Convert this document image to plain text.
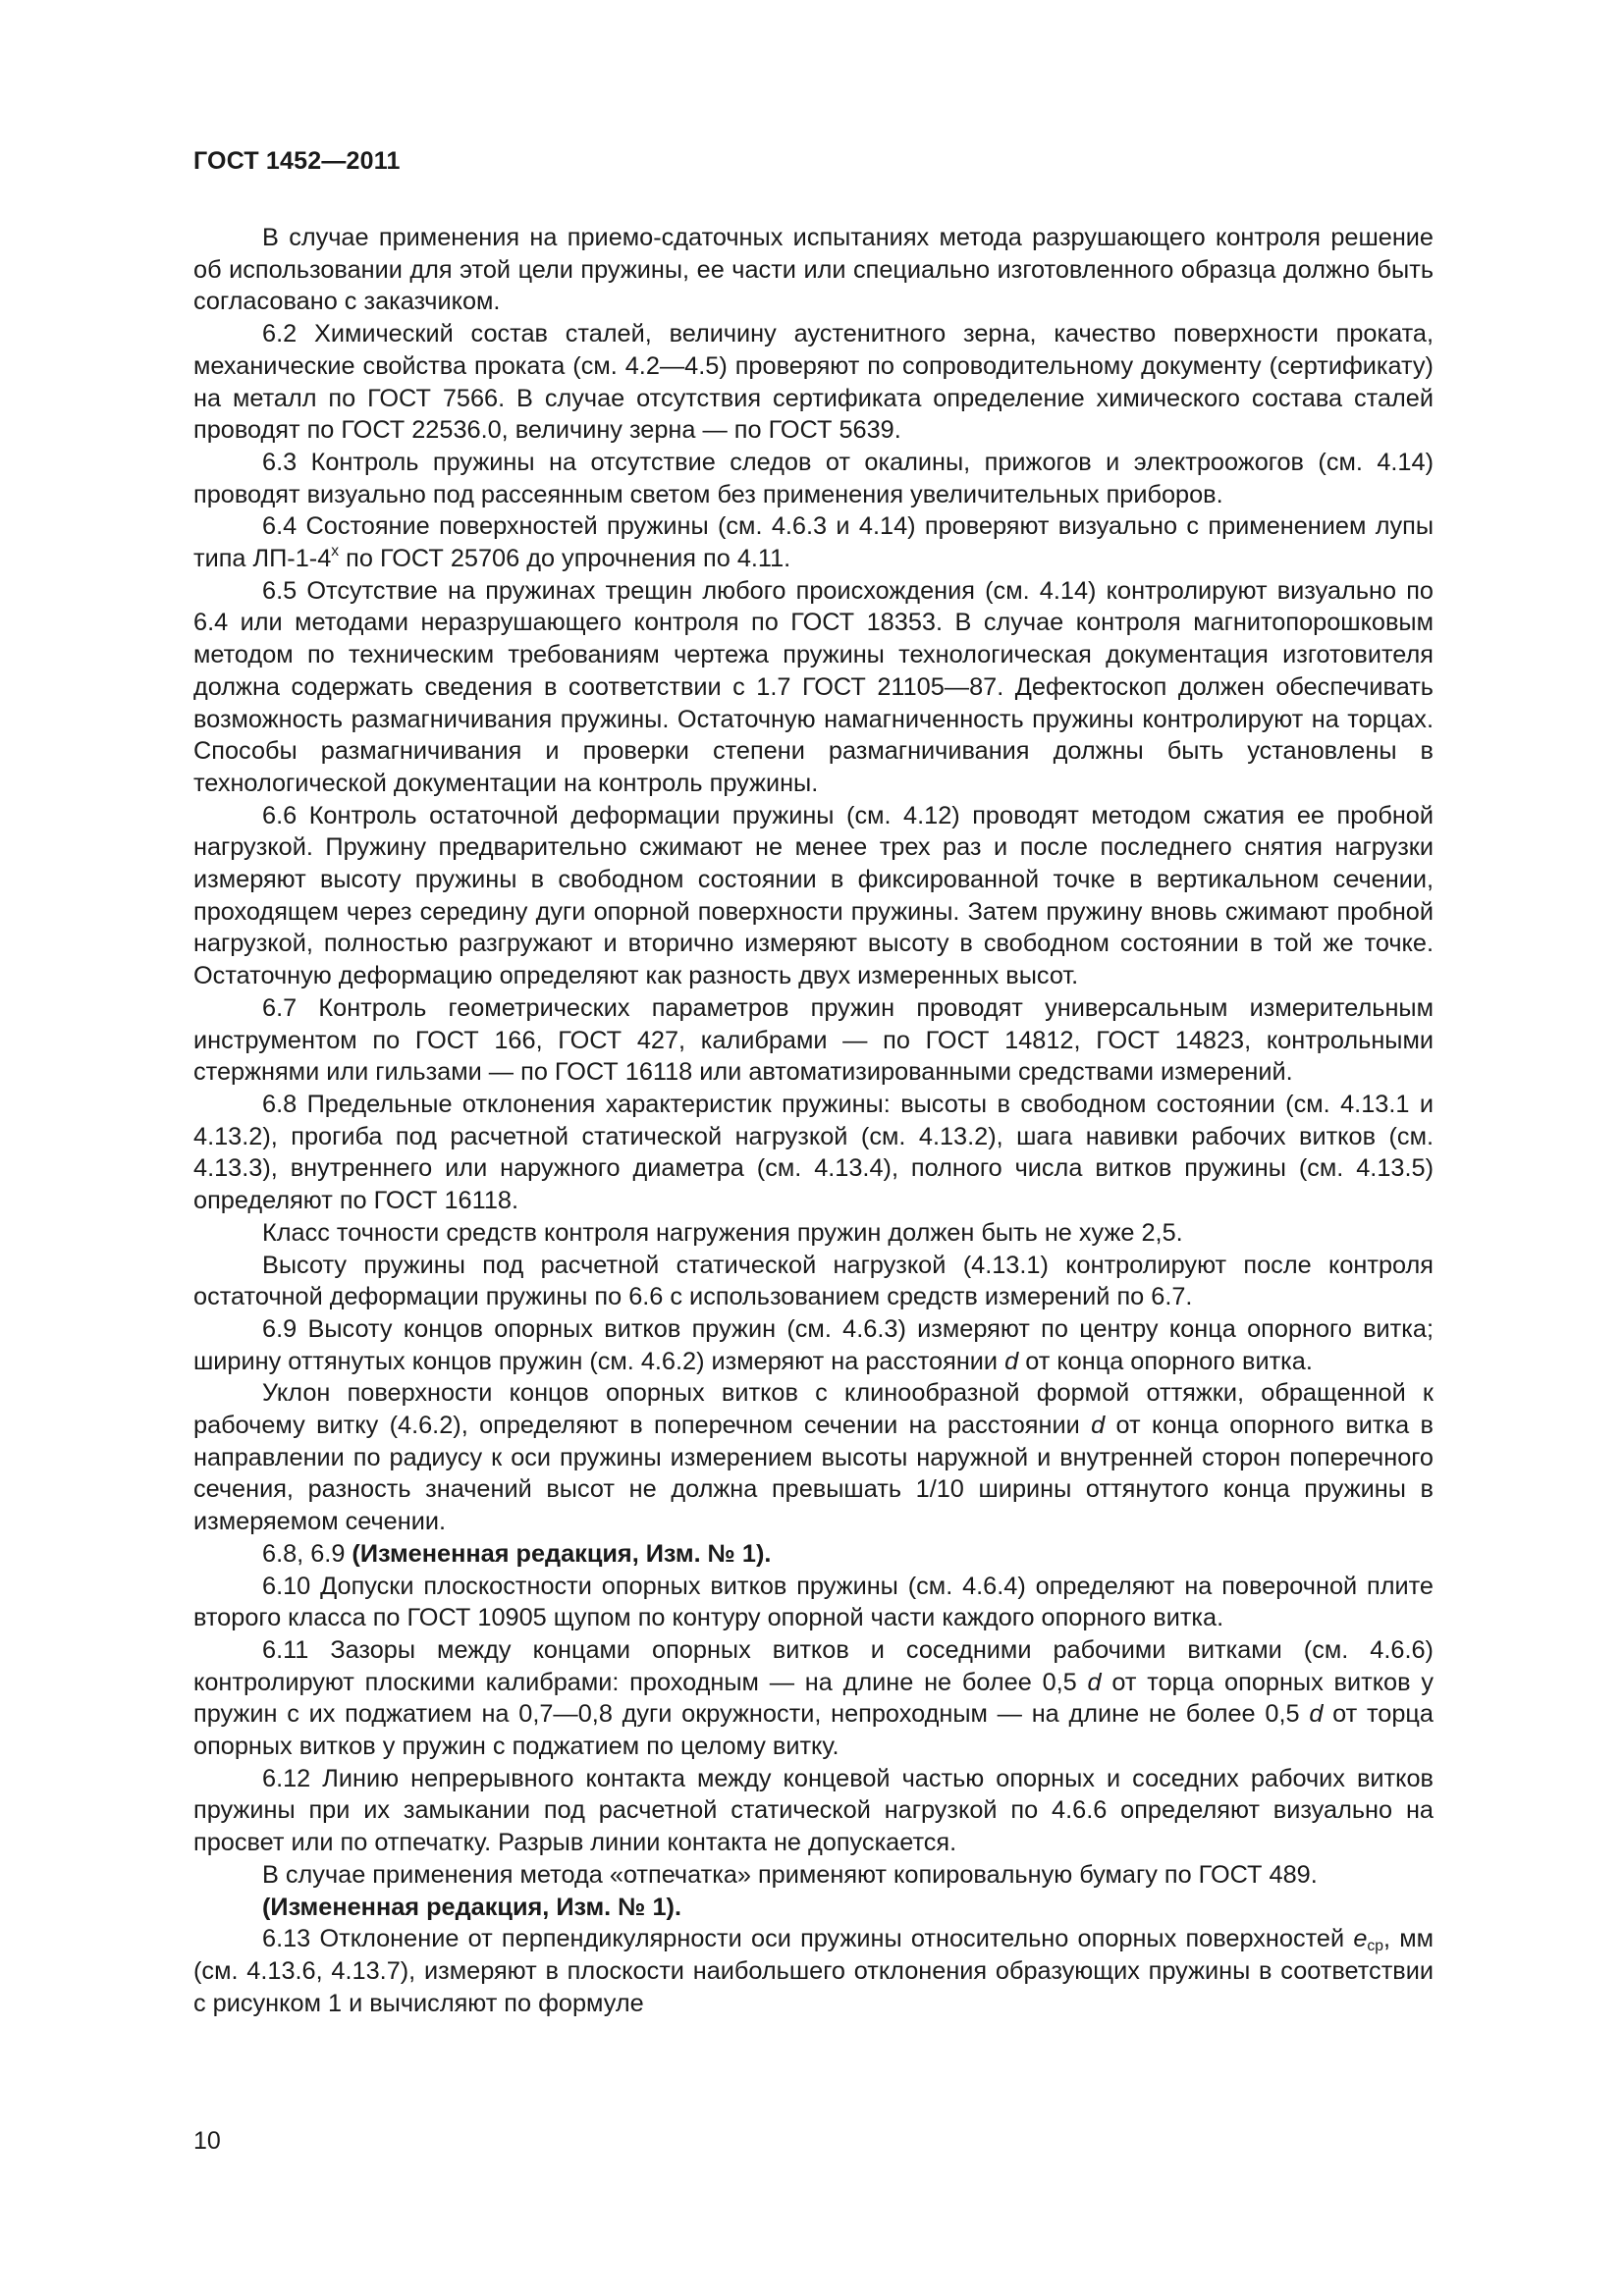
ГОСТ 1452—2011

В случае применения на приемо-сдаточных испытаниях метода разрушающего контроля решение об использовании для этой цели пружины, ее части или специально изготовленного образца должно быть согласовано с заказчиком.

6.2 Химический состав сталей, величину аустенитного зерна, качество поверхности проката, механические свойства проката (см. 4.2—4.5) проверяют по сопроводительному документу (сертификату) на металл по ГОСТ 7566. В случае отсутствия сертификата определение химического состава сталей проводят по ГОСТ 22536.0, величину зерна — по ГОСТ 5639.

6.3 Контроль пружины на отсутствие следов от окалины, прижогов и электроожогов (см. 4.14) проводят визуально под рассеянным светом без применения увеличительных приборов.

6.4 Состояние поверхностей пружины (см. 4.6.3 и 4.14) проверяют визуально с применением лупы типа $ЛП-1-4^х$ по ГОСТ 25706 до упрочнения по 4.11.

6.5 Отсутствие на пружинах трещин любого происхождения (см. 4.14) контролируют визуально по 6.4 или методами неразрушающего контроля по ГОСТ 18353. В случае контроля магнитопорошковым методом по техническим требованиям чертежа пружины технологическая документация изготовителя должна содержать сведения в соответствии с 1.7 ГОСТ 21105—87. Дефектоскоп должен обеспечивать возможность размагничивания пружины. Остаточную намагниченность пружины контролируют на торцах. Способы размагничивания и проверки степени размагничивания должны быть установлены в технологической документации на контроль пружины.

6.6 Контроль остаточной деформации пружины (см. 4.12) проводят методом сжатия ее пробной нагрузкой. Пружину предварительно сжимают не менее трех раз и после последнего снятия нагрузки измеряют высоту пружины в свободном состоянии в фиксированной точке в вертикальном сечении, проходящем через середину дуги опорной поверхности пружины. Затем пружину вновь сжимают пробной нагрузкой, полностью разгружают и вторично измеряют высоту в свободном состоянии в той же точке. Остаточную деформацию определяют как разность двух измеренных высот.

6.7 Контроль геометрических параметров пружин проводят универсальным измерительным инструментом по ГОСТ 166, ГОСТ 427, калибрами — по ГОСТ 14812, ГОСТ 14823, контрольными стержнями или гильзами — по ГОСТ 16118 или автоматизированными средствами измерений.

6.8 Предельные отклонения характеристик пружины: высоты в свободном состоянии (см. 4.13.1 и 4.13.2), прогиба под расчетной статической нагрузкой (см. 4.13.2), шага навивки рабочих витков (см. 4.13.3), внутреннего или наружного диаметра (см. 4.13.4), полного числа витков пружины (см. 4.13.5) определяют по ГОСТ 16118.

Класс точности средств контроля нагружения пружин должен быть не хуже 2,5.

Высоту пружины под расчетной статической нагрузкой (4.13.1) контролируют после контроля остаточной деформации пружины по 6.6 с использованием средств измерений по 6.7.

6.9 Высоту концов опорных витков пружин (см. 4.6.3) измеряют по центру конца опорного витка; ширину оттянутых концов пружин (см. 4.6.2) измеряют на расстоянии d от конца опорного витка.

Уклон поверхности концов опорных витков с клинообразной формой оттяжки, обращенной к рабочему витку (4.6.2), определяют в поперечном сечении на расстоянии d от конца опорного витка в направлении по радиусу к оси пружины измерением высоты наружной и внутренней сторон поперечного сечения, разность значений высот не должна превышать 1/10 ширины оттянутого конца пружины в измеряемом сечении.

6.8, 6.9 (Измененная редакция, Изм. № 1).

6.10 Допуски плоскостности опорных витков пружины (см. 4.6.4) определяют на поверочной плите второго класса по ГОСТ 10905 щупом по контуру опорной части каждого опорного витка.

6.11 Зазоры между концами опорных витков и соседними рабочими витками (см. 4.6.6) контролируют плоскими калибрами: проходным — на длине не более 0,5 d от торца опорных витков у пружин с их поджатием на 0,7—0,8 дуги окружности, непроходным — на длине не более 0,5 d от торца опорных витков у пружин с поджатием по целому витку.

6.12 Линию непрерывного контакта между концевой частью опорных и соседних рабочих витков пружины при их замыкании под расчетной статической нагрузкой по 4.6.6 определяют визуально на просвет или по отпечатку. Разрыв линии контакта не допускается.

В случае применения метода «отпечатка» применяют копировальную бумагу по ГОСТ 489.

(Измененная редакция, Изм. № 1).

6.13 Отклонение от перпендикулярности оси пружины относительно опорных поверхностей $e_{ср}$, мм (см. 4.13.6, 4.13.7), измеряют в плоскости наибольшего отклонения образующих пружины в соответствии с рисунком 1 и вычисляют по формуле

10
